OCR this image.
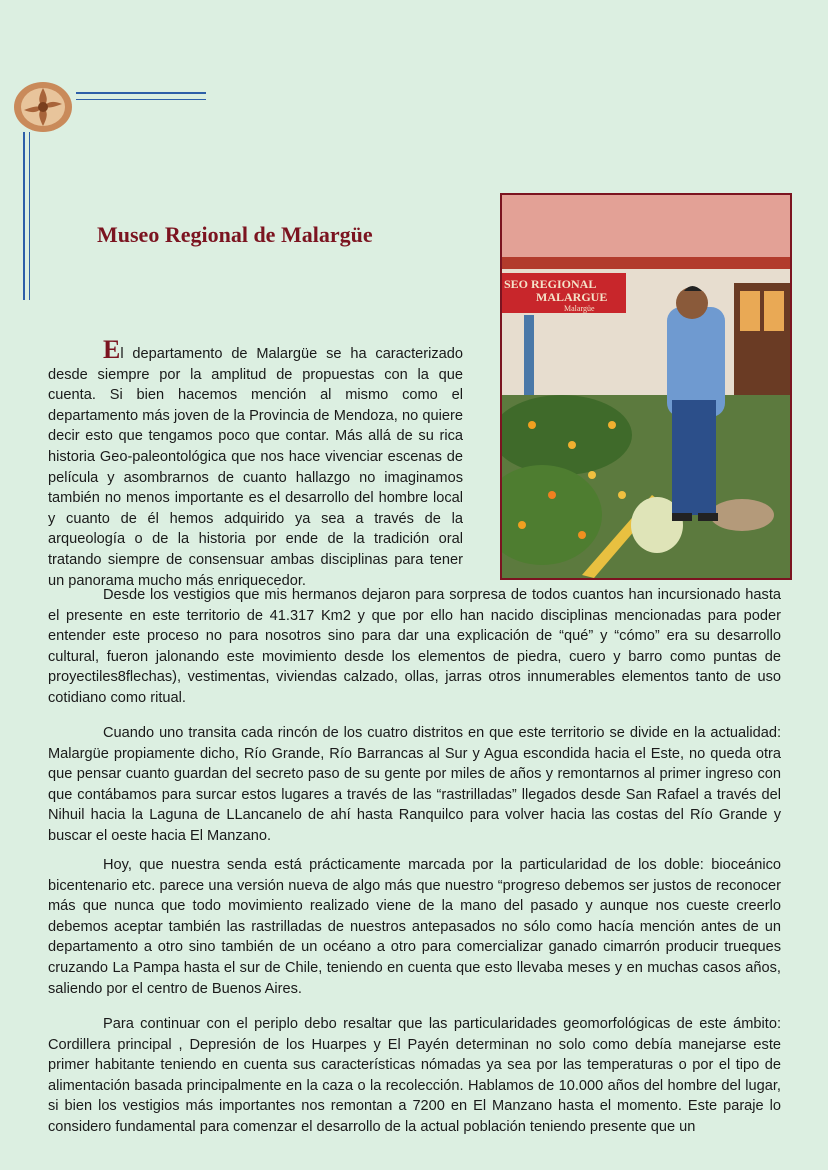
Museo Regional de Malargüe
SEO REGIONAL
MALARGUE
Malargüe

El departamento de Malargüe se ha caracterizado desde siempre por la amplitud de propuestas con la que cuenta. Si bien hacemos mención al mismo como el departamento más joven de la Provincia de Mendoza, no quiere decir esto que tengamos poco que contar. Más allá de su rica historia Geo-paleontológica que nos hace vivenciar escenas de película y asombrarnos de cuanto hallazgo no imaginamos también no menos importante es el desarrollo del hombre local y cuanto de él hemos adquirido ya sea a través de la arqueología o de la historia por ende de la tradición oral tratando siempre de consensuar ambas disciplinas para tener un panorama mucho más enriquecedor.

Desde los vestigios que mis hermanos dejaron para sorpresa de todos cuantos han incursionado hasta el presente en este territorio de 41.317 Km2 y que por ello han nacido disciplinas mencionadas para poder entender este proceso no para nosotros sino para dar una explicación de “qué” y “cómo” era su desarrollo cultural, fueron jalonando este movimiento desde los elementos de piedra, cuero y barro como puntas de proyectiles8flechas), vestimentas, viviendas calzado, ollas, jarras otros innumerables elementos tanto de uso cotidiano como ritual.

Cuando uno transita cada rincón de los cuatro distritos en que este territorio se divide en la actualidad: Malargüe propiamente dicho, Río Grande, Río Barrancas al Sur y Agua escondida hacia el Este, no queda otra que pensar cuanto guardan del secreto paso de su gente por miles de años y remontarnos al primer ingreso con que contábamos para surcar estos lugares a través de las “rastrilladas” llegados desde San Rafael a través del Nihuil hacia la Laguna de LLancanelo de ahí hasta Ranquilco para volver hacia las costas del Río Grande y buscar el oeste hacia El Manzano.

Hoy, que nuestra senda está prácticamente marcada por la particularidad de los doble: bioceánico bicentenario etc. parece una versión nueva de algo más que nuestro “progreso debemos ser justos de reconocer más que nunca que todo movimiento realizado viene de la mano del pasado y aunque nos cueste creerlo debemos aceptar también las rastrilladas de nuestros antepasados no sólo como hacía mención antes de un departamento a otro sino también de un océano a otro para comercializar ganado cimarrón producir trueques cruzando La Pampa hasta el sur de Chile, teniendo en cuenta que esto llevaba meses y en muchas casos años, saliendo por el centro de Buenos Aires.

Para continuar con el periplo debo resaltar que las particularidades geomorfológicas de este ámbito: Cordillera principal , Depresión de los Huarpes y El Payén determinan no solo como debía manejarse este primer habitante teniendo en cuenta sus características nómadas ya sea por las temperaturas o por el tipo de alimentación basada principalmente en la caza o la recolección. Hablamos de 10.000 años del hombre del lugar, si bien los vestigios más importantes nos remontan a 7200 en El Manzano hasta el momento. Este paraje lo considero fundamental para comenzar el desarrollo de la actual población teniendo presente que un
